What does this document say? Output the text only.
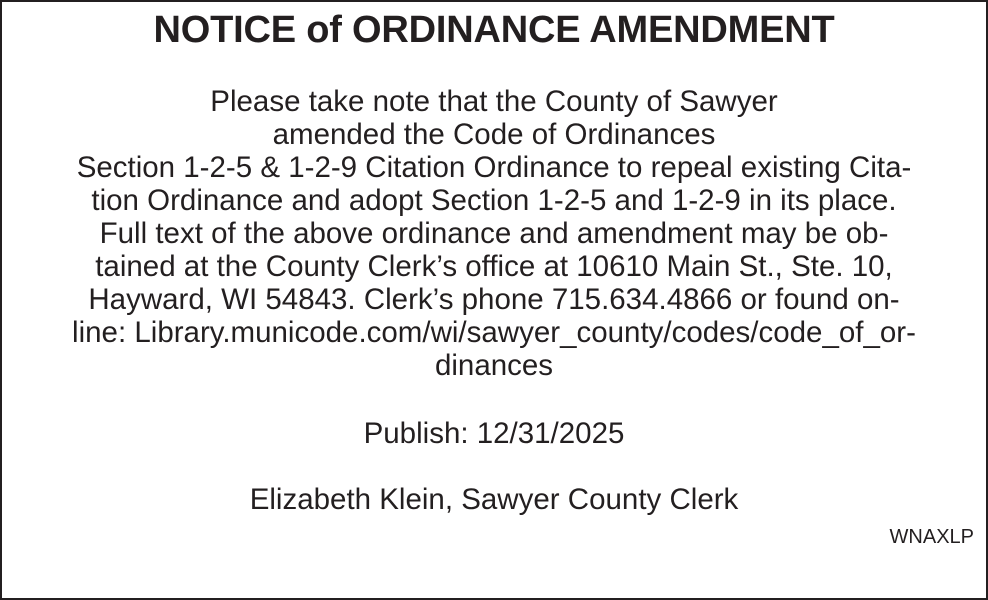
NOTICE of ORDINANCE AMENDMENT
Please take note that the County of Sawyer
amended the Code of Ordinances
Section 1-2-5 & 1-2-9 Citation Ordinance to repeal existing Cita-
tion Ordinance and adopt Section 1-2-5 and 1-2-9 in its place.
Full text of the above ordinance and amendment may be ob-
tained at the County Clerk’s office at 10610 Main St., Ste. 10,
Hayward, WI 54843. Clerk’s phone 715.634.4866 or found on-
line: Library.municode.com/wi/sawyer_county/codes/code_of_or-
dinances
Publish: 12/31/2025
Elizabeth Klein, Sawyer County Clerk
WNAXLP
